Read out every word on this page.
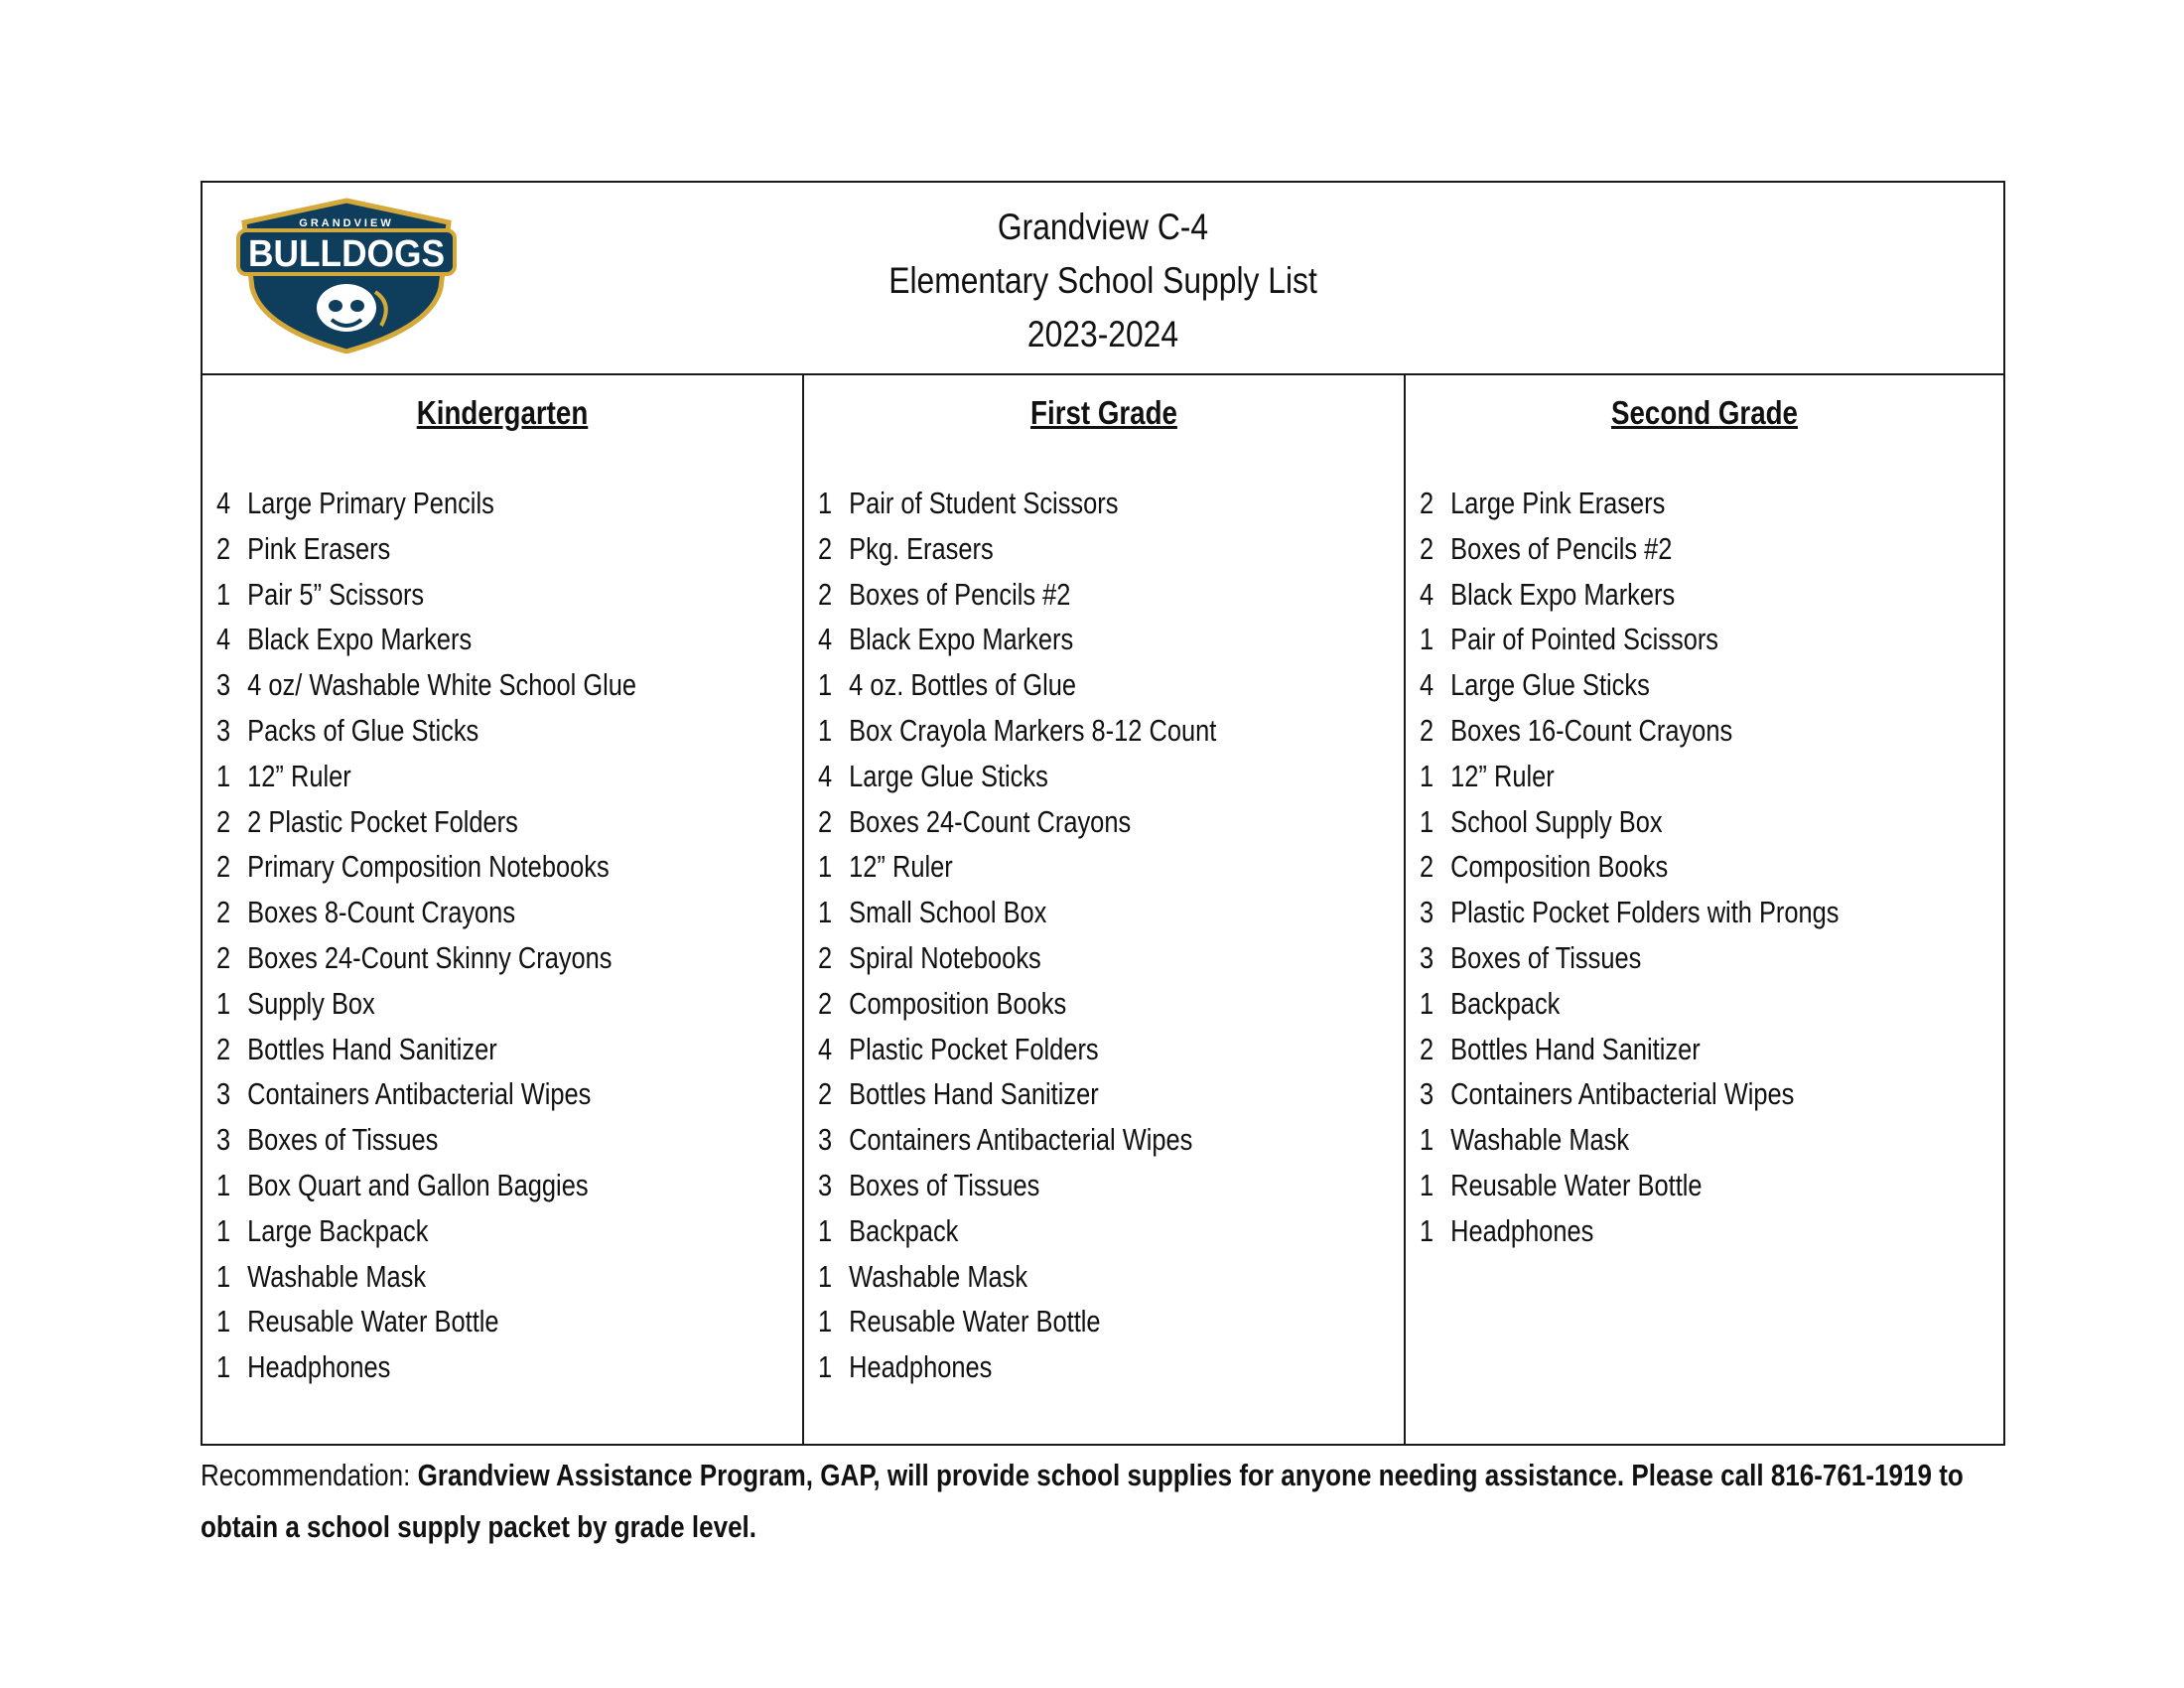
GRANDVIEW
BULLDOGS
Grandview C-4
Elementary School Supply List
2023-2024
Kindergarten
4 Large Primary Pencils
2 Pink Erasers
1 Pair 5” Scissors
4 Black Expo Markers
3 4 oz/ Washable White School Glue
3 Packs of Glue Sticks
1 12” Ruler
2 2 Plastic Pocket Folders
2 Primary Composition Notebooks
2 Boxes 8-Count Crayons
2 Boxes 24-Count Skinny Crayons
1 Supply Box
2 Bottles Hand Sanitizer
3 Containers Antibacterial Wipes
3 Boxes of Tissues
1 Box Quart and Gallon Baggies
1 Large Backpack
1 Washable Mask
1 Reusable Water Bottle
1 Headphones
First Grade
1 Pair of Student Scissors
2 Pkg. Erasers
2 Boxes of Pencils #2
4 Black Expo Markers
1 4 oz. Bottles of Glue
1 Box Crayola Markers 8-12 Count
4 Large Glue Sticks
2 Boxes 24-Count Crayons
1 12” Ruler
1 Small School Box
2 Spiral Notebooks
2 Composition Books
4 Plastic Pocket Folders
2 Bottles Hand Sanitizer
3 Containers Antibacterial Wipes
3 Boxes of Tissues
1 Backpack
1 Washable Mask
1 Reusable Water Bottle
1 Headphones
Second Grade
2 Large Pink Erasers
2 Boxes of Pencils #2
4 Black Expo Markers
1 Pair of Pointed Scissors
4 Large Glue Sticks
2 Boxes 16-Count Crayons
1 12” Ruler
1 School Supply Box
2 Composition Books
3 Plastic Pocket Folders with Prongs
3 Boxes of Tissues
1 Backpack
2 Bottles Hand Sanitizer
3 Containers Antibacterial Wipes
1 Washable Mask
1 Reusable Water Bottle
1 Headphones
Recommendation: Grandview Assistance Program, GAP, will provide school supplies for anyone needing assistance. Please call 816-761-1919 to obtain a school supply packet by grade level.
